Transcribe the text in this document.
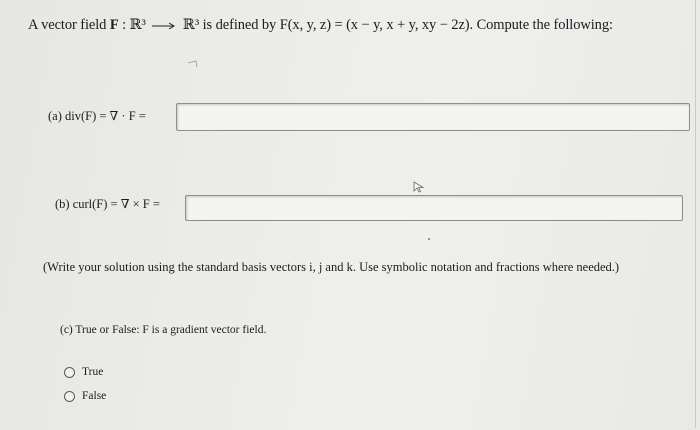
A vector field F : ℝ³	ℝ³ is defined by F(x, y, z) = (x − y, x + y, xy − 2z). Compute the following:
(a) div(F) = ∇ · F =
(b) curl(F) = ∇ × F =
(Write your solution using the standard basis vectors i, j and k. Use symbolic notation and fractions where needed.)
(c) True or False: F is a gradient vector field.
True
False
